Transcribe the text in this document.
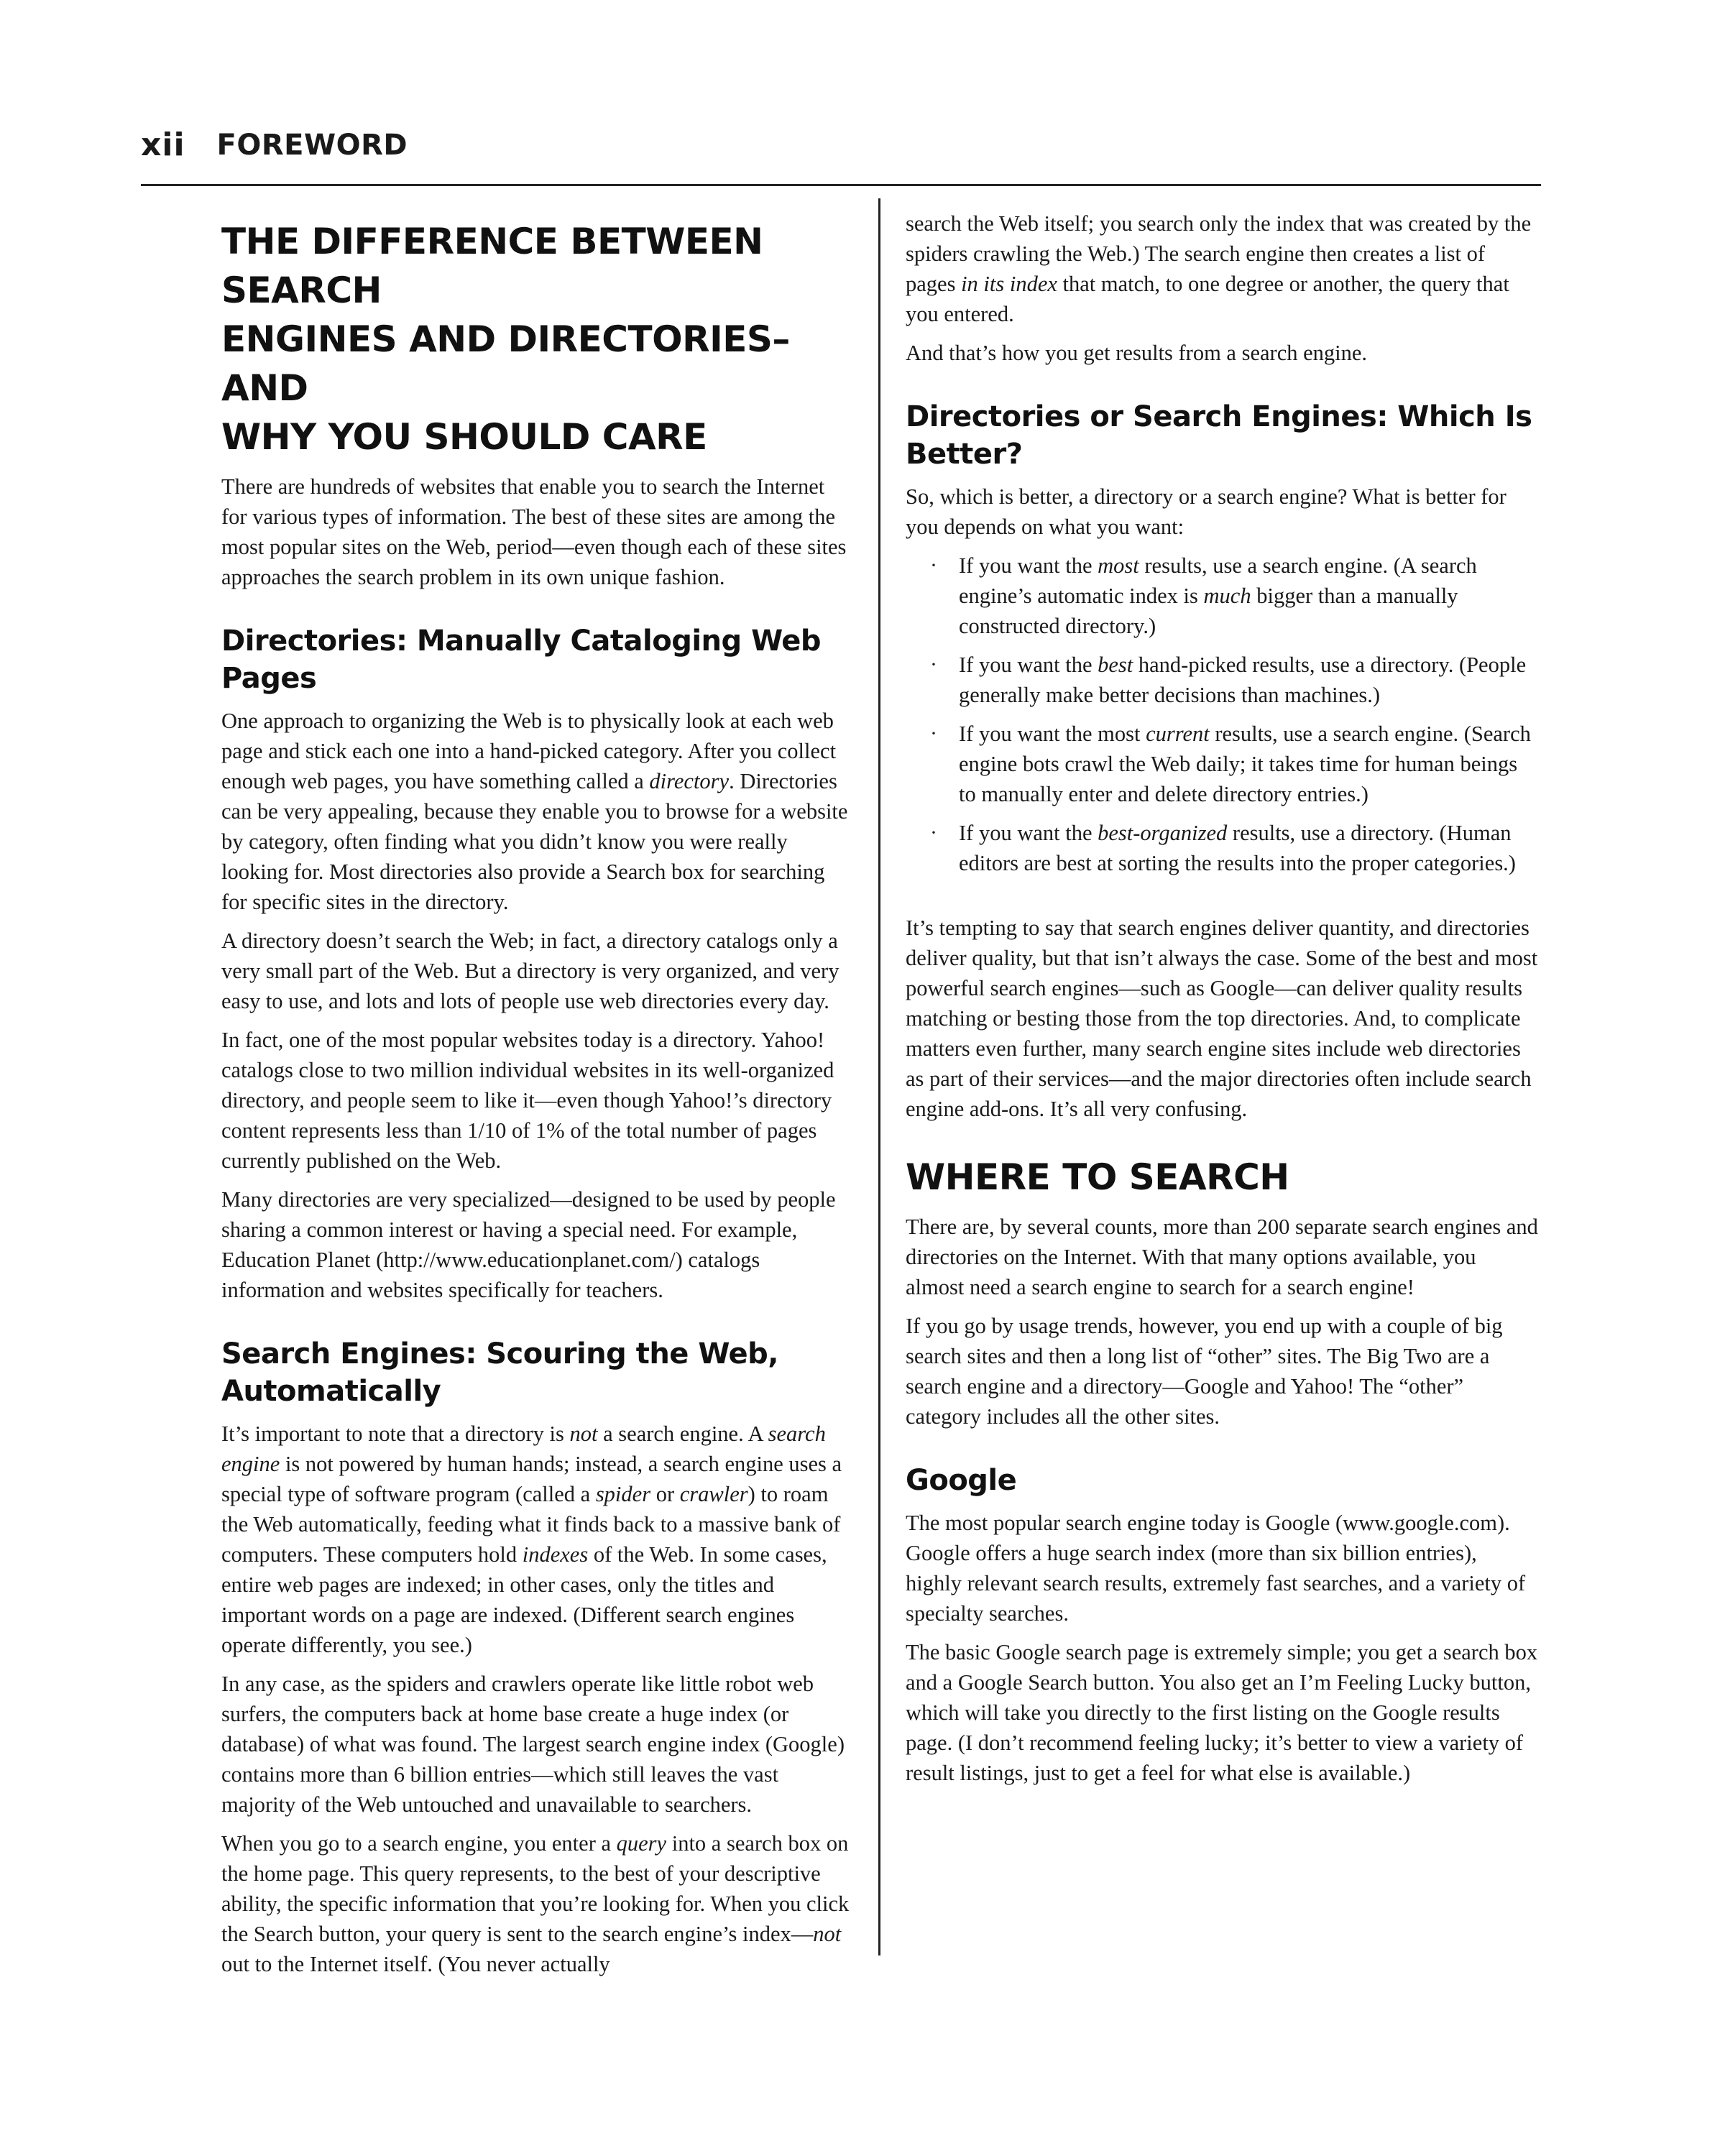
xii FOREWORD
THE DIFFERENCE BETWEEN SEARCH
ENGINES AND DIRECTORIES–AND
WHY YOU SHOULD CARE

There are hundreds of websites that enable you to search the Internet for various types of information. The best of these sites are among the most popular sites on the Web, period—even though each of these sites approaches the search problem in its own unique fashion.

Directories: Manually Cataloging Web Pages

One approach to organizing the Web is to physically look at each web page and stick each one into a hand-picked category. After you collect enough web pages, you have something called a directory. Directories can be very appealing, because they enable you to browse for a website by category, often finding what you didn’t know you were really looking for. Most directories also provide a Search box for searching for specific sites in the directory.

A directory doesn’t search the Web; in fact, a directory catalogs only a very small part of the Web. But a directory is very organized, and very easy to use, and lots and lots of people use web directories every day.

In fact, one of the most popular websites today is a directory. Yahoo! catalogs close to two million individual websites in its well-organized directory, and people seem to like it—even though Yahoo!’s directory content represents less than 1/10 of 1% of the total number of pages currently published on the Web.

Many directories are very specialized—designed to be used by people sharing a common interest or having a special need. For example, Education Planet (http://www.educationplanet.com/) catalogs information and websites specifically for teachers.

Search Engines: Scouring the Web, Automatically

It’s important to note that a directory is not a search engine. A search engine is not powered by human hands; instead, a search engine uses a special type of software program (called a spider or crawler) to roam the Web automatically, feeding what it finds back to a massive bank of computers. These computers hold indexes of the Web. In some cases, entire web pages are indexed; in other cases, only the titles and important words on a page are indexed. (Different search engines operate differently, you see.)

In any case, as the spiders and crawlers operate like little robot web surfers, the computers back at home base create a huge index (or database) of what was found. The largest search engine index (Google) contains more than 6 billion entries—which still leaves the vast majority of the Web untouched and unavailable to searchers.

When you go to a search engine, you enter a query into a search box on the home page. This query represents, to the best of your descriptive ability, the specific information that you’re looking for. When you click the Search button, your query is sent to the search engine’s index—not out to the Internet itself. (You never actually

search the Web itself; you search only the index that was created by the spiders crawling the Web.) The search engine then creates a list of pages in its index that match, to one degree or another, the query that you entered.

And that’s how you get results from a search engine.

Directories or Search Engines: Which Is Better?

So, which is better, a directory or a search engine? What is better for you depends on what you want:

· If you want the most results, use a search engine. (A search engine’s automatic index is much bigger than a manually constructed directory.)
· If you want the best hand-picked results, use a directory. (People generally make better decisions than machines.)
· If you want the most current results, use a search engine. (Search engine bots crawl the Web daily; it takes time for human beings to manually enter and delete directory entries.)
· If you want the best-organized results, use a directory. (Human editors are best at sorting the results into the proper categories.)

It’s tempting to say that search engines deliver quantity, and directories deliver quality, but that isn’t always the case. Some of the best and most powerful search engines—such as Google—can deliver quality results matching or besting those from the top directories. And, to complicate matters even further, many search engine sites include web directories as part of their services—and the major directories often include search engine add-ons. It’s all very confusing.

WHERE TO SEARCH

There are, by several counts, more than 200 separate search engines and directories on the Internet. With that many options available, you almost need a search engine to search for a search engine!

If you go by usage trends, however, you end up with a couple of big search sites and then a long list of “other” sites. The Big Two are a search engine and a directory—Google and Yahoo! The “other” category includes all the other sites.

Google

The most popular search engine today is Google (www.google.com). Google offers a huge search index (more than six billion entries), highly relevant search results, extremely fast searches, and a variety of specialty searches.

The basic Google search page is extremely simple; you get a search box and a Google Search button. You also get an I’m Feeling Lucky button, which will take you directly to the first listing on the Google results page. (I don’t recommend feeling lucky; it’s better to view a variety of result listings, just to get a feel for what else is available.)
